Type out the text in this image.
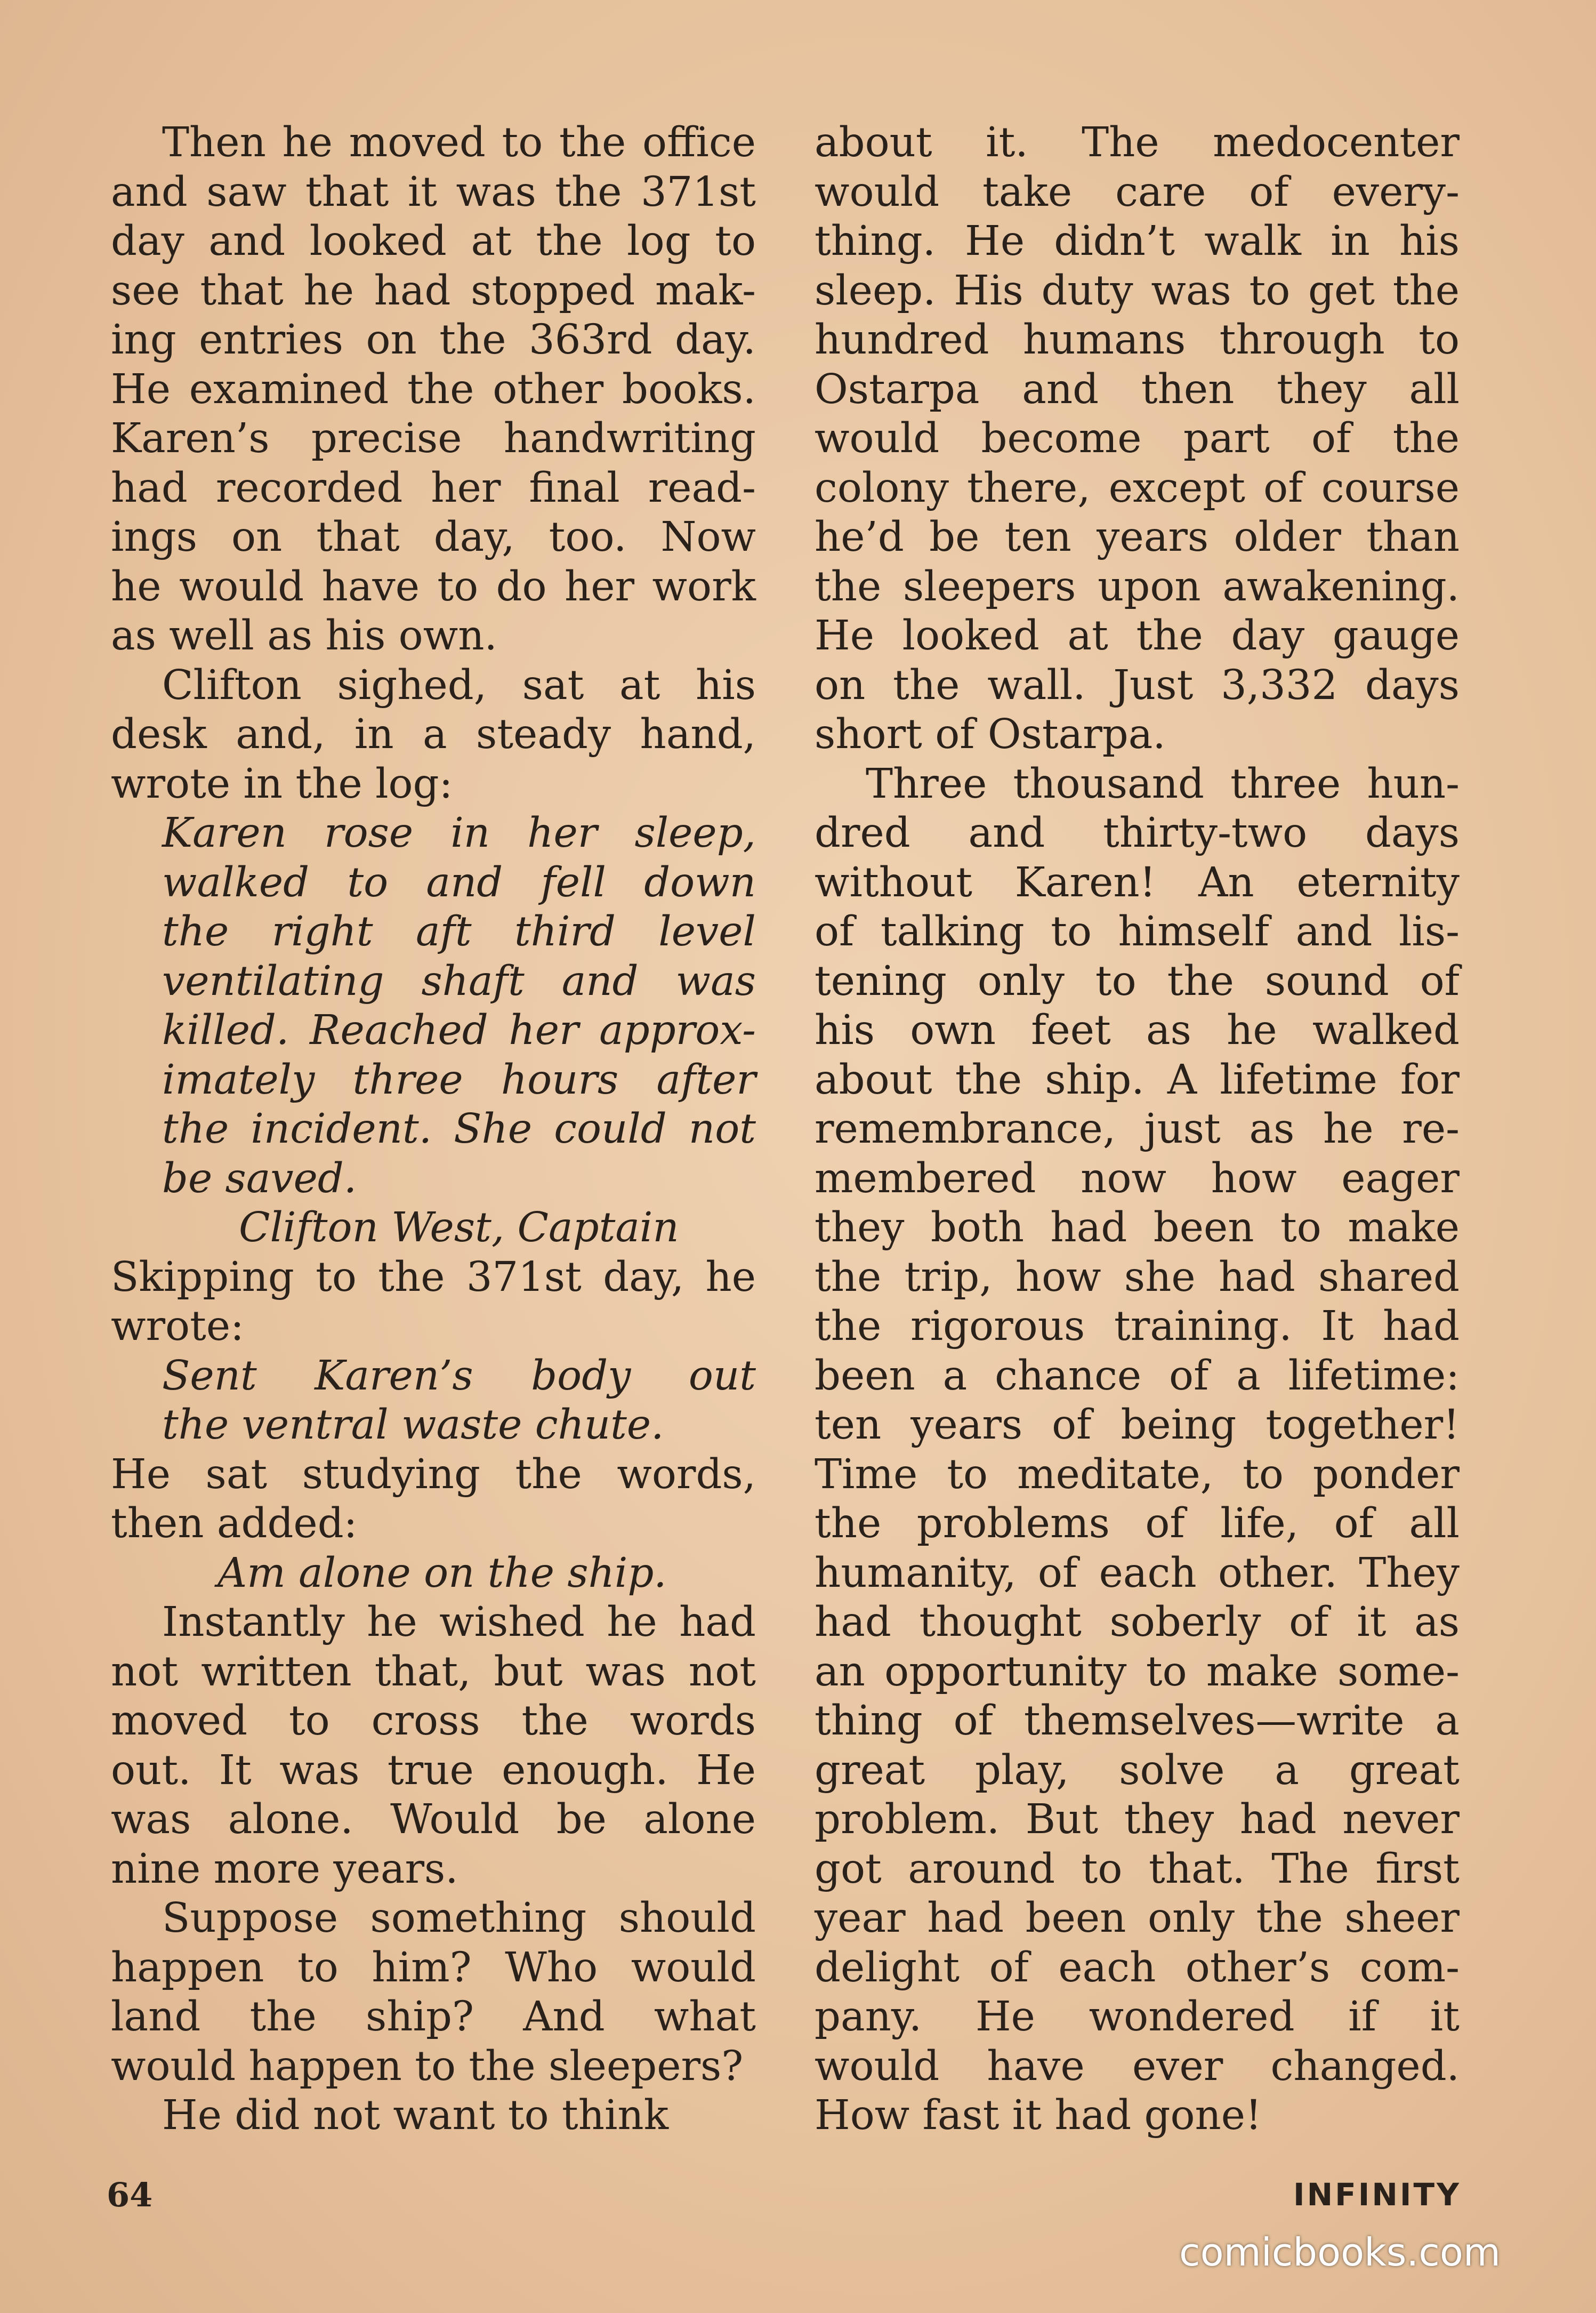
Then he moved to the office
and saw that it was the 371st
day and looked at the log to
see that he had stopped mak-
ing entries on the 363rd day.
He examined the other books.
Karen’s precise handwriting
had recorded her final read-
ings on that day, too. Now
he would have to do her work
as well as his own.
Clifton sighed, sat at his
desk and, in a steady hand,
wrote in the log:
Karen rose in her sleep,
walked to and fell down
the right aft third level
ventilating shaft and was
killed. Reached her approx-
imately three hours after
the incident. She could not
be saved.
Clifton West, Captain
Skipping to the 371st day, he
wrote:
Sent Karen’s body out
the ventral waste chute.
He sat studying the words,
then added:
Am alone on the ship.
Instantly he wished he had
not written that, but was not
moved to cross the words
out. It was true enough. He
was alone. Would be alone
nine more years.
Suppose something should
happen to him? Who would
land the ship? And what
would happen to the sleepers?
He did not want to think
about it. The medocenter
would take care of every-
thing. He didn’t walk in his
sleep. His duty was to get the
hundred humans through to
Ostarpa and then they all
would become part of the
colony there, except of course
he’d be ten years older than
the sleepers upon awakening.
He looked at the day gauge
on the wall. Just 3,332 days
short of Ostarpa.
Three thousand three hun-
dred and thirty-two days
without Karen! An eternity
of talking to himself and lis-
tening only to the sound of
his own feet as he walked
about the ship. A lifetime for
remembrance, just as he re-
membered now how eager
they both had been to make
the trip, how she had shared
the rigorous training. It had
been a chance of a lifetime:
ten years of being together!
Time to meditate, to ponder
the problems of life, of all
humanity, of each other. They
had thought soberly of it as
an opportunity to make some-
thing of themselves—write a
great play, solve a great
problem. But they had never
got around to that. The first
year had been only the sheer
delight of each other’s com-
pany. He wondered if it
would have ever changed.
How fast it had gone!
64	INFINITY
comicbooks.com
